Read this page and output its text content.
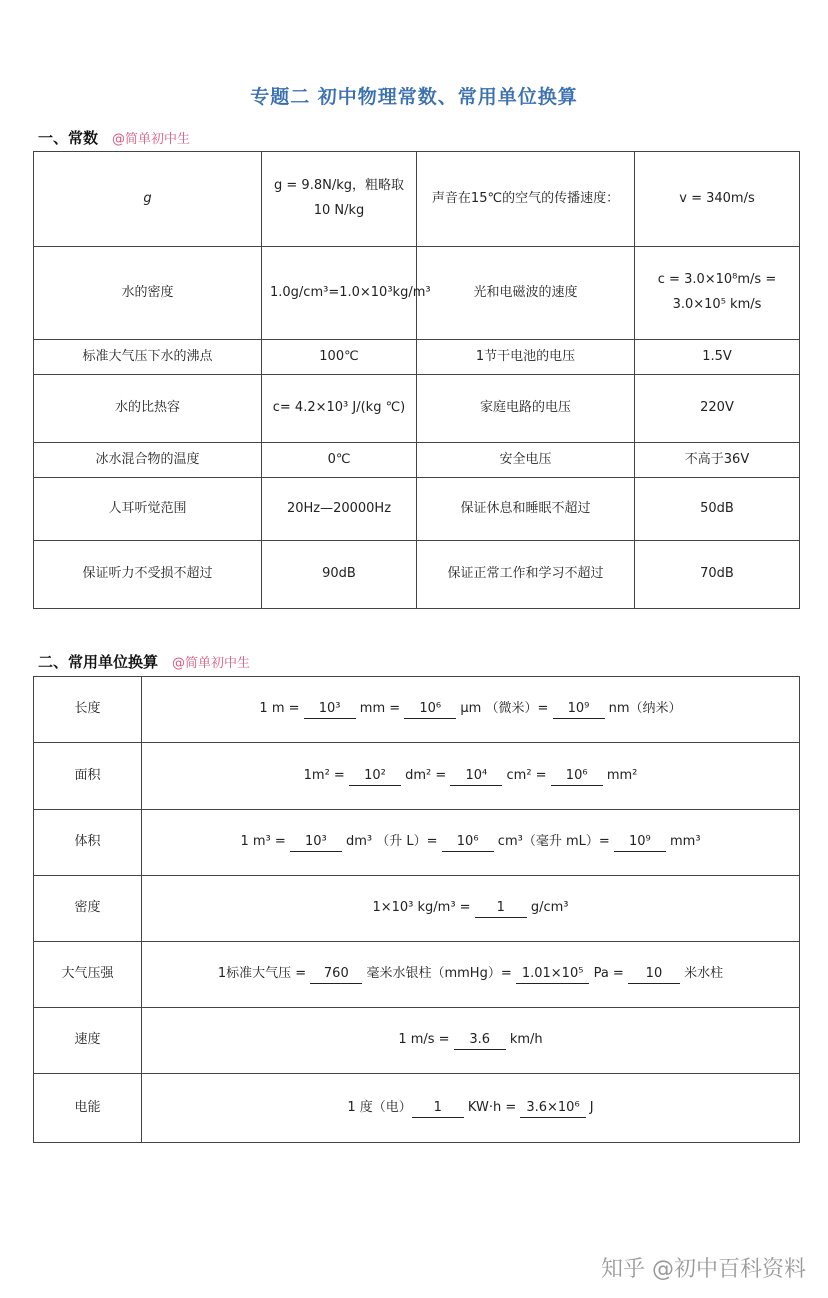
专题二 初中物理常数、常用单位换算
一、常数 @简单初中生
g	g = 9.8N/kg，粗略取10 N/kg	声音在15℃的空气的传播速度：	v = 340m/s
水的密度	1.0g/cm³=1.0×10³kg/m³	光和电磁波的速度	c = 3.0×10⁸m/s = 3.0×10⁵ km/s
标准大气压下水的沸点	100℃	1节干电池的电压	1.5V
水的比热容	c= 4.2×10³ J/(kg ℃)	家庭电路的电压	220V
冰水混合物的温度	0℃	安全电压	不高于36V
人耳听觉范围	20Hz—20000Hz	保证休息和睡眠不超过	50dB
保证听力不受损不超过	90dB	保证正常工作和学习不超过	70dB
二、常用单位换算 @简单初中生
长度	1 m = 10³ mm = 10⁶ μm （微米）= 10⁹ nm（纳米）
面积	1m² = 10² dm² = 10⁴ cm² = 10⁶ mm²
体积	1 m³ = 10³ dm³ （升 L）= 10⁶ cm³（毫升 mL）= 10⁹ mm³
密度	1×10³ kg/m³ = 1 g/cm³
大气压强	1标准大气压 = 760 毫米水银柱（mmHg）= 1.01×10⁵ Pa = 10 米水柱
速度	1 m/s = 3.6 km/h
电能	1 度（电） 1 KW·h = 3.6×10⁶ J
知乎 @初中百科资料
